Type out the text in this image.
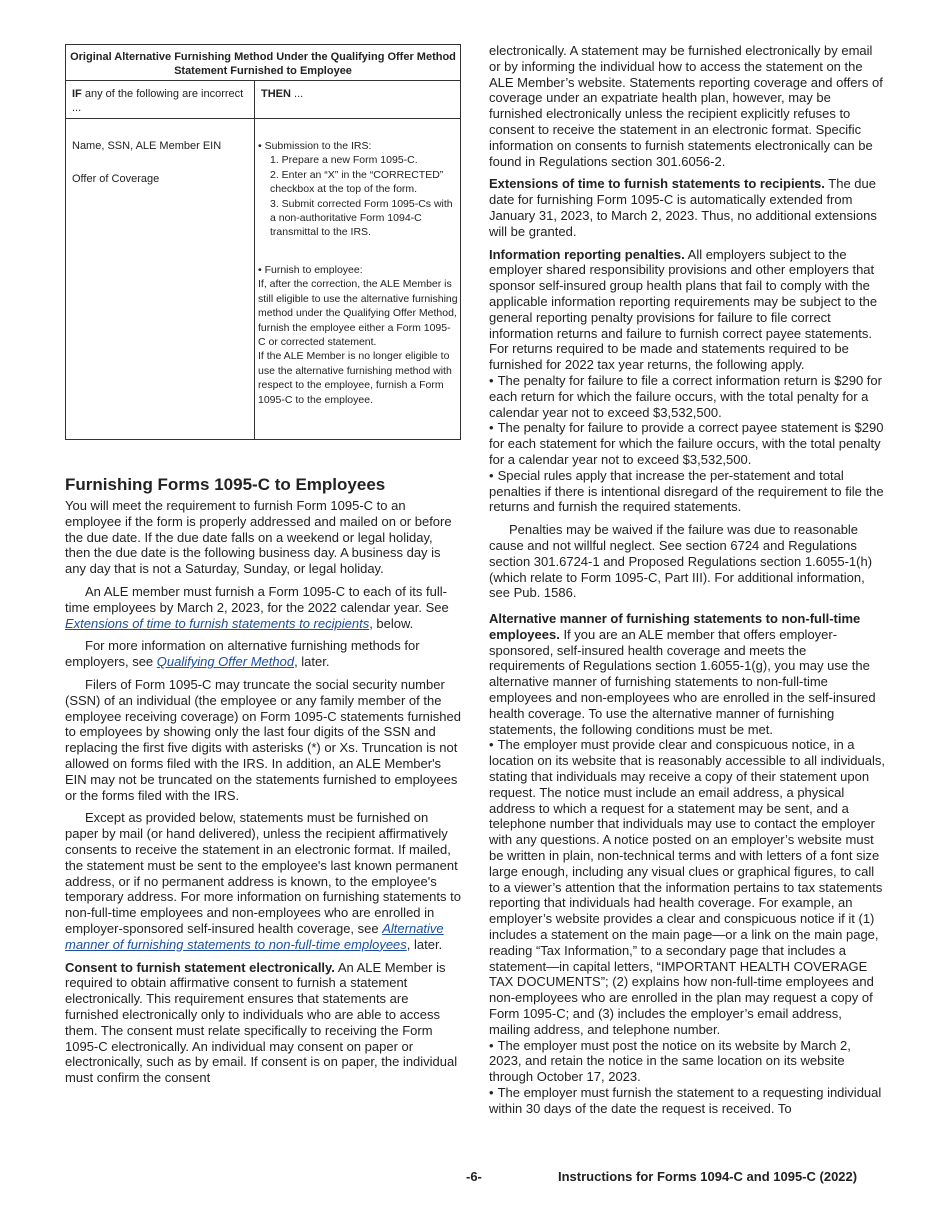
Original Alternative Furnishing Method Under the Qualifying Offer Method Statement Furnished to Employee
IF any of the following are incorrect ...
THEN ...
Name, SSN, ALE Member EIN
Offer of Coverage

• Submission to the IRS:

1. Prepare a new Form 1095-C.

2. Enter an “X” in the “CORRECTED” checkbox at the top of the form.

3. Submit corrected Form 1095-Cs with a non-authoritative Form 1094-C transmittal to the IRS.

• Furnish to employee:

If, after the correction, the ALE Member is still eligible to use the alternative furnishing method under the Qualifying Offer Method, furnish the employee either a Form 1095-C or corrected statement.

If the ALE Member is no longer eligible to use the alternative furnishing method with respect to the employee, furnish a Form 1095-C to the employee.

Furnishing Forms 1095-C to Employees

You will meet the requirement to furnish Form 1095-C to an employee if the form is properly addressed and mailed on or before the due date. If the due date falls on a weekend or legal holiday, then the due date is the following business day. A business day is any day that is not a Saturday, Sunday, or legal holiday.

An ALE member must furnish a Form 1095-C to each of its full-time employees by March 2, 2023, for the 2022 calendar year. See Extensions of time to furnish statements to recipients, below.

For more information on alternative furnishing methods for employers, see Qualifying Offer Method, later.

Filers of Form 1095-C may truncate the social security number (SSN) of an individual (the employee or any family member of the employee receiving coverage) on Form 1095-C statements furnished to employees by showing only the last four digits of the SSN and replacing the first five digits with asterisks (*) or Xs. Truncation is not allowed on forms filed with the IRS. In addition, an ALE Member's EIN may not be truncated on the statements furnished to employees or the forms filed with the IRS.

Except as provided below, statements must be furnished on paper by mail (or hand delivered), unless the recipient affirmatively consents to receive the statement in an electronic format. If mailed, the statement must be sent to the employee's last known permanent address, or if no permanent address is known, to the employee's temporary address. For more information on furnishing statements to non-full-time employees and non-employees who are enrolled in employer-sponsored self-insured health coverage, see Alternative manner of furnishing statements to non-full-time employees, later.

Consent to furnish statement electronically. An ALE Member is required to obtain affirmative consent to furnish a statement electronically. This requirement ensures that statements are furnished electronically only to individuals who are able to access them. The consent must relate specifically to receiving the Form 1095-C electronically. An individual may consent on paper or electronically, such as by email. If consent is on paper, the individual must confirm the consent

electronically. A statement may be furnished electronically by email or by informing the individual how to access the statement on the ALE Member’s website. Statements reporting coverage and offers of coverage under an expatriate health plan, however, may be furnished electronically unless the recipient explicitly refuses to consent to receive the statement in an electronic format. Specific information on consents to furnish statements electronically can be found in Regulations section 301.6056-2.

Extensions of time to furnish statements to recipients. The due date for furnishing Form 1095-C is automatically extended from January 31, 2023, to March 2, 2023. Thus, no additional extensions will be granted.

Information reporting penalties. All employers subject to the employer shared responsibility provisions and other employers that sponsor self-insured group health plans that fail to comply with the applicable information reporting requirements may be subject to the general reporting penalty provisions for failure to file correct information returns and failure to furnish correct payee statements. For returns required to be made and statements required to be furnished for 2022 tax year returns, the following apply.

• The penalty for failure to file a correct information return is $290 for each return for which the failure occurs, with the total penalty for a calendar year not to exceed $3,532,500.

• The penalty for failure to provide a correct payee statement is $290 for each statement for which the failure occurs, with the total penalty for a calendar year not to exceed $3,532,500.

• Special rules apply that increase the per-statement and total penalties if there is intentional disregard of the requirement to file the returns and furnish the required statements.

Penalties may be waived if the failure was due to reasonable cause and not willful neglect. See section 6724 and Regulations section 301.6724-1 and Proposed Regulations section 1.6055-1(h) (which relate to Form 1095-C, Part III). For additional information, see Pub. 1586.

Alternative manner of furnishing statements to non-full-time employees. If you are an ALE member that offers employer-sponsored, self-insured health coverage and meets the requirements of Regulations section 1.6055-1(g), you may use the alternative manner of furnishing statements to non-full-time employees and non-employees who are enrolled in the self-insured health coverage. To use the alternative manner of furnishing statements, the following conditions must be met.

• The employer must provide clear and conspicuous notice, in a location on its website that is reasonably accessible to all individuals, stating that individuals may receive a copy of their statement upon request. The notice must include an email address, a physical address to which a request for a statement may be sent, and a telephone number that individuals may use to contact the employer with any questions. A notice posted on an employer’s website must be written in plain, non-technical terms and with letters of a font size large enough, including any visual clues or graphical figures, to call to a viewer’s attention that the information pertains to tax statements reporting that individuals had health coverage. For example, an employer’s website provides a clear and conspicuous notice if it (1) includes a statement on the main page—or a link on the main page, reading “Tax Information,” to a secondary page that includes a statement—in capital letters, “IMPORTANT HEALTH COVERAGE TAX DOCUMENTS”; (2) explains how non-full-time employees and non-employees who are enrolled in the plan may request a copy of Form 1095-C; and (3) includes the employer’s email address, mailing address, and telephone number.

• The employer must post the notice on its website by March 2, 2023, and retain the notice in the same location on its website through October 17, 2023.

• The employer must furnish the statement to a requesting individual within 30 days of the date the request is received. To

-6-	Instructions for Forms 1094-C and 1095-C (2022)
